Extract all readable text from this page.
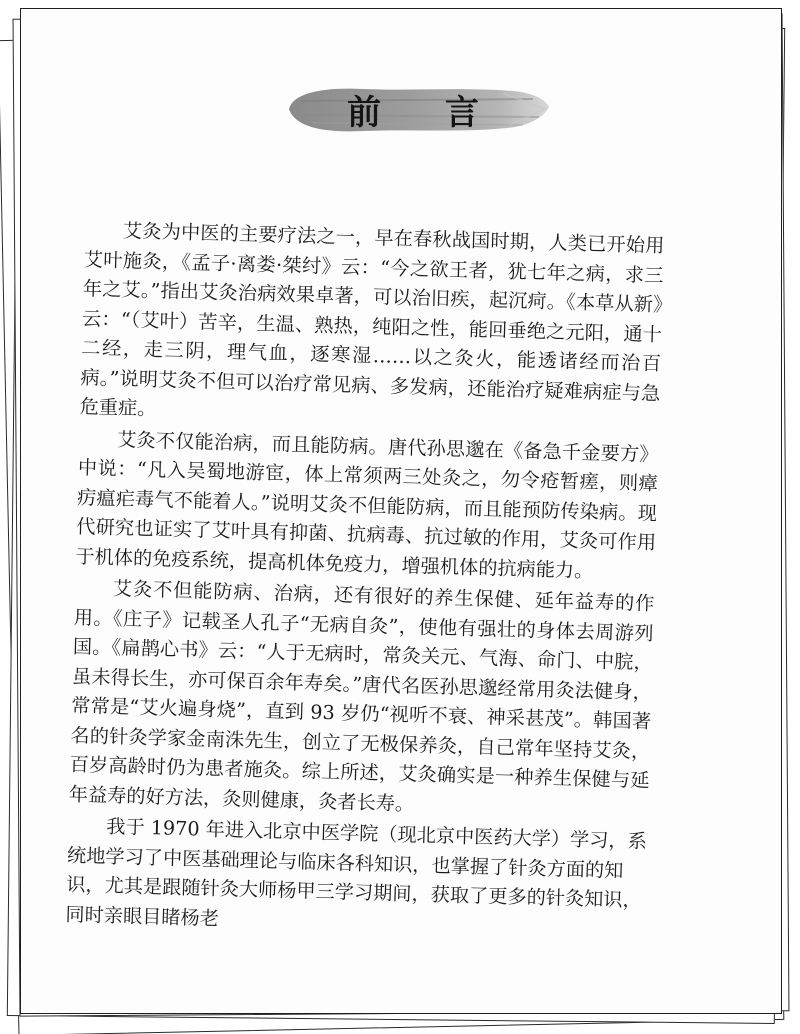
前 言

艾灸为中医的主要疗法之一，早在春秋战国时期，人类已开始用艾叶施灸，《孟子·离娄·桀纣》云：“今之欲王者，犹七年之病，求三年之艾。”指出艾灸治病效果卓著，可以治旧疾，起沉疴。《本草从新》云：“（艾叶）苦辛，生温、熟热，纯阳之性，能回垂绝之元阳，通十二经，走三阴，理气血，逐寒湿……以之灸火，能透诸经而治百病。”说明艾灸不但可以治疗常见病、多发病，还能治疗疑难病症与急危重症。

艾灸不仅能治病，而且能防病。唐代孙思邈在《备急千金要方》中说：“凡入吴蜀地游宦，体上常须两三处灸之，勿令疮暂瘥，则瘴疠瘟疟毒气不能着人。”说明艾灸不但能防病，而且能预防传染病。现代研究也证实了艾叶具有抑菌、抗病毒、抗过敏的作用，艾灸可作用于机体的免疫系统，提高机体免疫力，增强机体的抗病能力。

艾灸不但能防病、治病，还有很好的养生保健、延年益寿的作用。《庄子》记载圣人孔子“无病自灸”，使他有强壮的身体去周游列国。《扁鹊心书》云：“人于无病时，常灸关元、气海、命门、中脘，虽未得长生，亦可保百余年寿矣。”唐代名医孙思邈经常用灸法健身，常常是“艾火遍身烧”，直到 93 岁仍“视听不衰、神采甚茂”。韩国著名的针灸学家金南洙先生，创立了无极保养灸，自己常年坚持艾灸，百岁高龄时仍为患者施灸。综上所述，艾灸确实是一种养生保健与延年益寿的好方法，灸则健康，灸者长寿。

我于 1970 年进入北京中医学院（现北京中医药大学）学习，系统地学习了中医基础理论与临床各科知识，也掌握了针灸方面的知识，尤其是跟随针灸大师杨甲三学习期间，获取了更多的针灸知识，同时亲眼目睹杨老
